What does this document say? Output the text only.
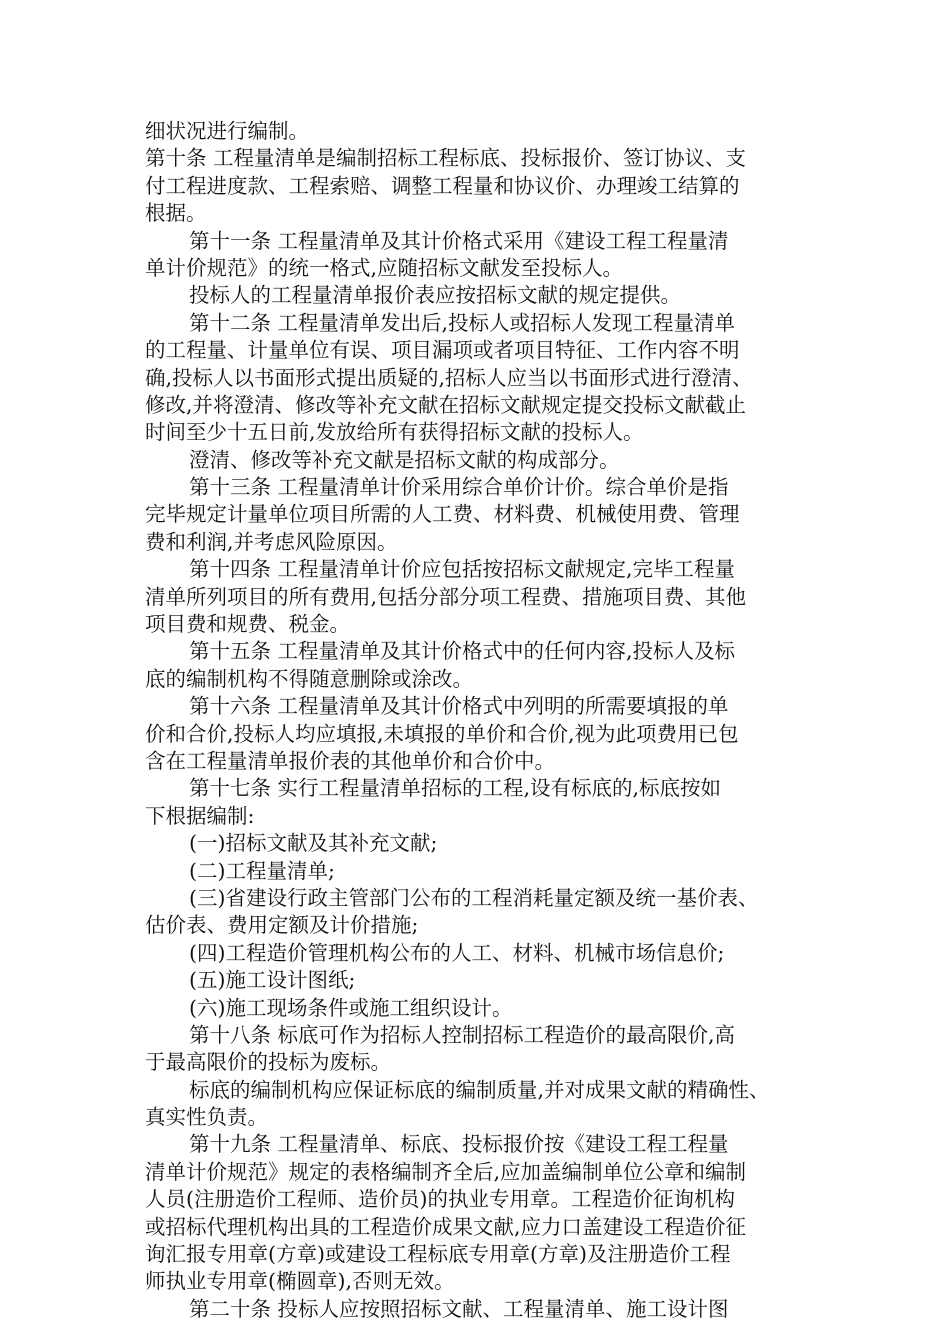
细状况进行编制。
第十条 工程量清单是编制招标工程标底、投标报价、签订协议、支
付工程进度款、工程索赔、调整工程量和协议价、办理竣工结算的
根据。
第十一条 工程量清单及其计价格式采用《建设工程工程量清
单计价规范》的统一格式,应随招标文献发至投标人。
投标人的工程量清单报价表应按招标文献的规定提供。
第十二条 工程量清单发出后,投标人或招标人发现工程量清单
的工程量、计量单位有误、项目漏项或者项目特征、工作内容不明
确,投标人以书面形式提出质疑的,招标人应当以书面形式进行澄清、
修改,并将澄清、修改等补充文献在招标文献规定提交投标文献截止
时间至少十五日前,发放给所有获得招标文献的投标人。
澄清、修改等补充文献是招标文献的构成部分。
第十三条 工程量清单计价采用综合单价计价。综合单价是指
完毕规定计量单位项目所需的人工费、材料费、机械使用费、管理
费和利润,并考虑风险原因。
第十四条 工程量清单计价应包括按招标文献规定,完毕工程量
清单所列项目的所有费用,包括分部分项工程费、措施项目费、其他
项目费和规费、税金。
第十五条 工程量清单及其计价格式中的任何内容,投标人及标
底的编制机构不得随意删除或涂改。
第十六条 工程量清单及其计价格式中列明的所需要填报的单
价和合价,投标人均应填报,未填报的单价和合价,视为此项费用已包
含在工程量清单报价表的其他单价和合价中。
第十七条 实行工程量清单招标的工程,设有标底的,标底按如
下根据编制:
(一)招标文献及其补充文献;
(二)工程量清单;
(三)省建设行政主管部门公布的工程消耗量定额及统一基价表、
估价表、费用定额及计价措施;
(四)工程造价管理机构公布的人工、材料、机械市场信息价;
(五)施工设计图纸;
(六)施工现场条件或施工组织设计。
第十八条 标底可作为招标人控制招标工程造价的最高限价,高
于最高限价的投标为废标。
标底的编制机构应保证标底的编制质量,并对成果文献的精确性、
真实性负责。
第十九条 工程量清单、标底、投标报价按《建设工程工程量
清单计价规范》规定的表格编制齐全后,应加盖编制单位公章和编制
人员(注册造价工程师、造价员)的执业专用章。工程造价征询机构
或招标代理机构出具的工程造价成果文献,应力口盖建设工程造价征
询汇报专用章(方章)或建设工程标底专用章(方章)及注册造价工程
师执业专用章(椭圆章),否则无效。
第二十条 投标人应按照招标文献、工程量清单、施工设计图
